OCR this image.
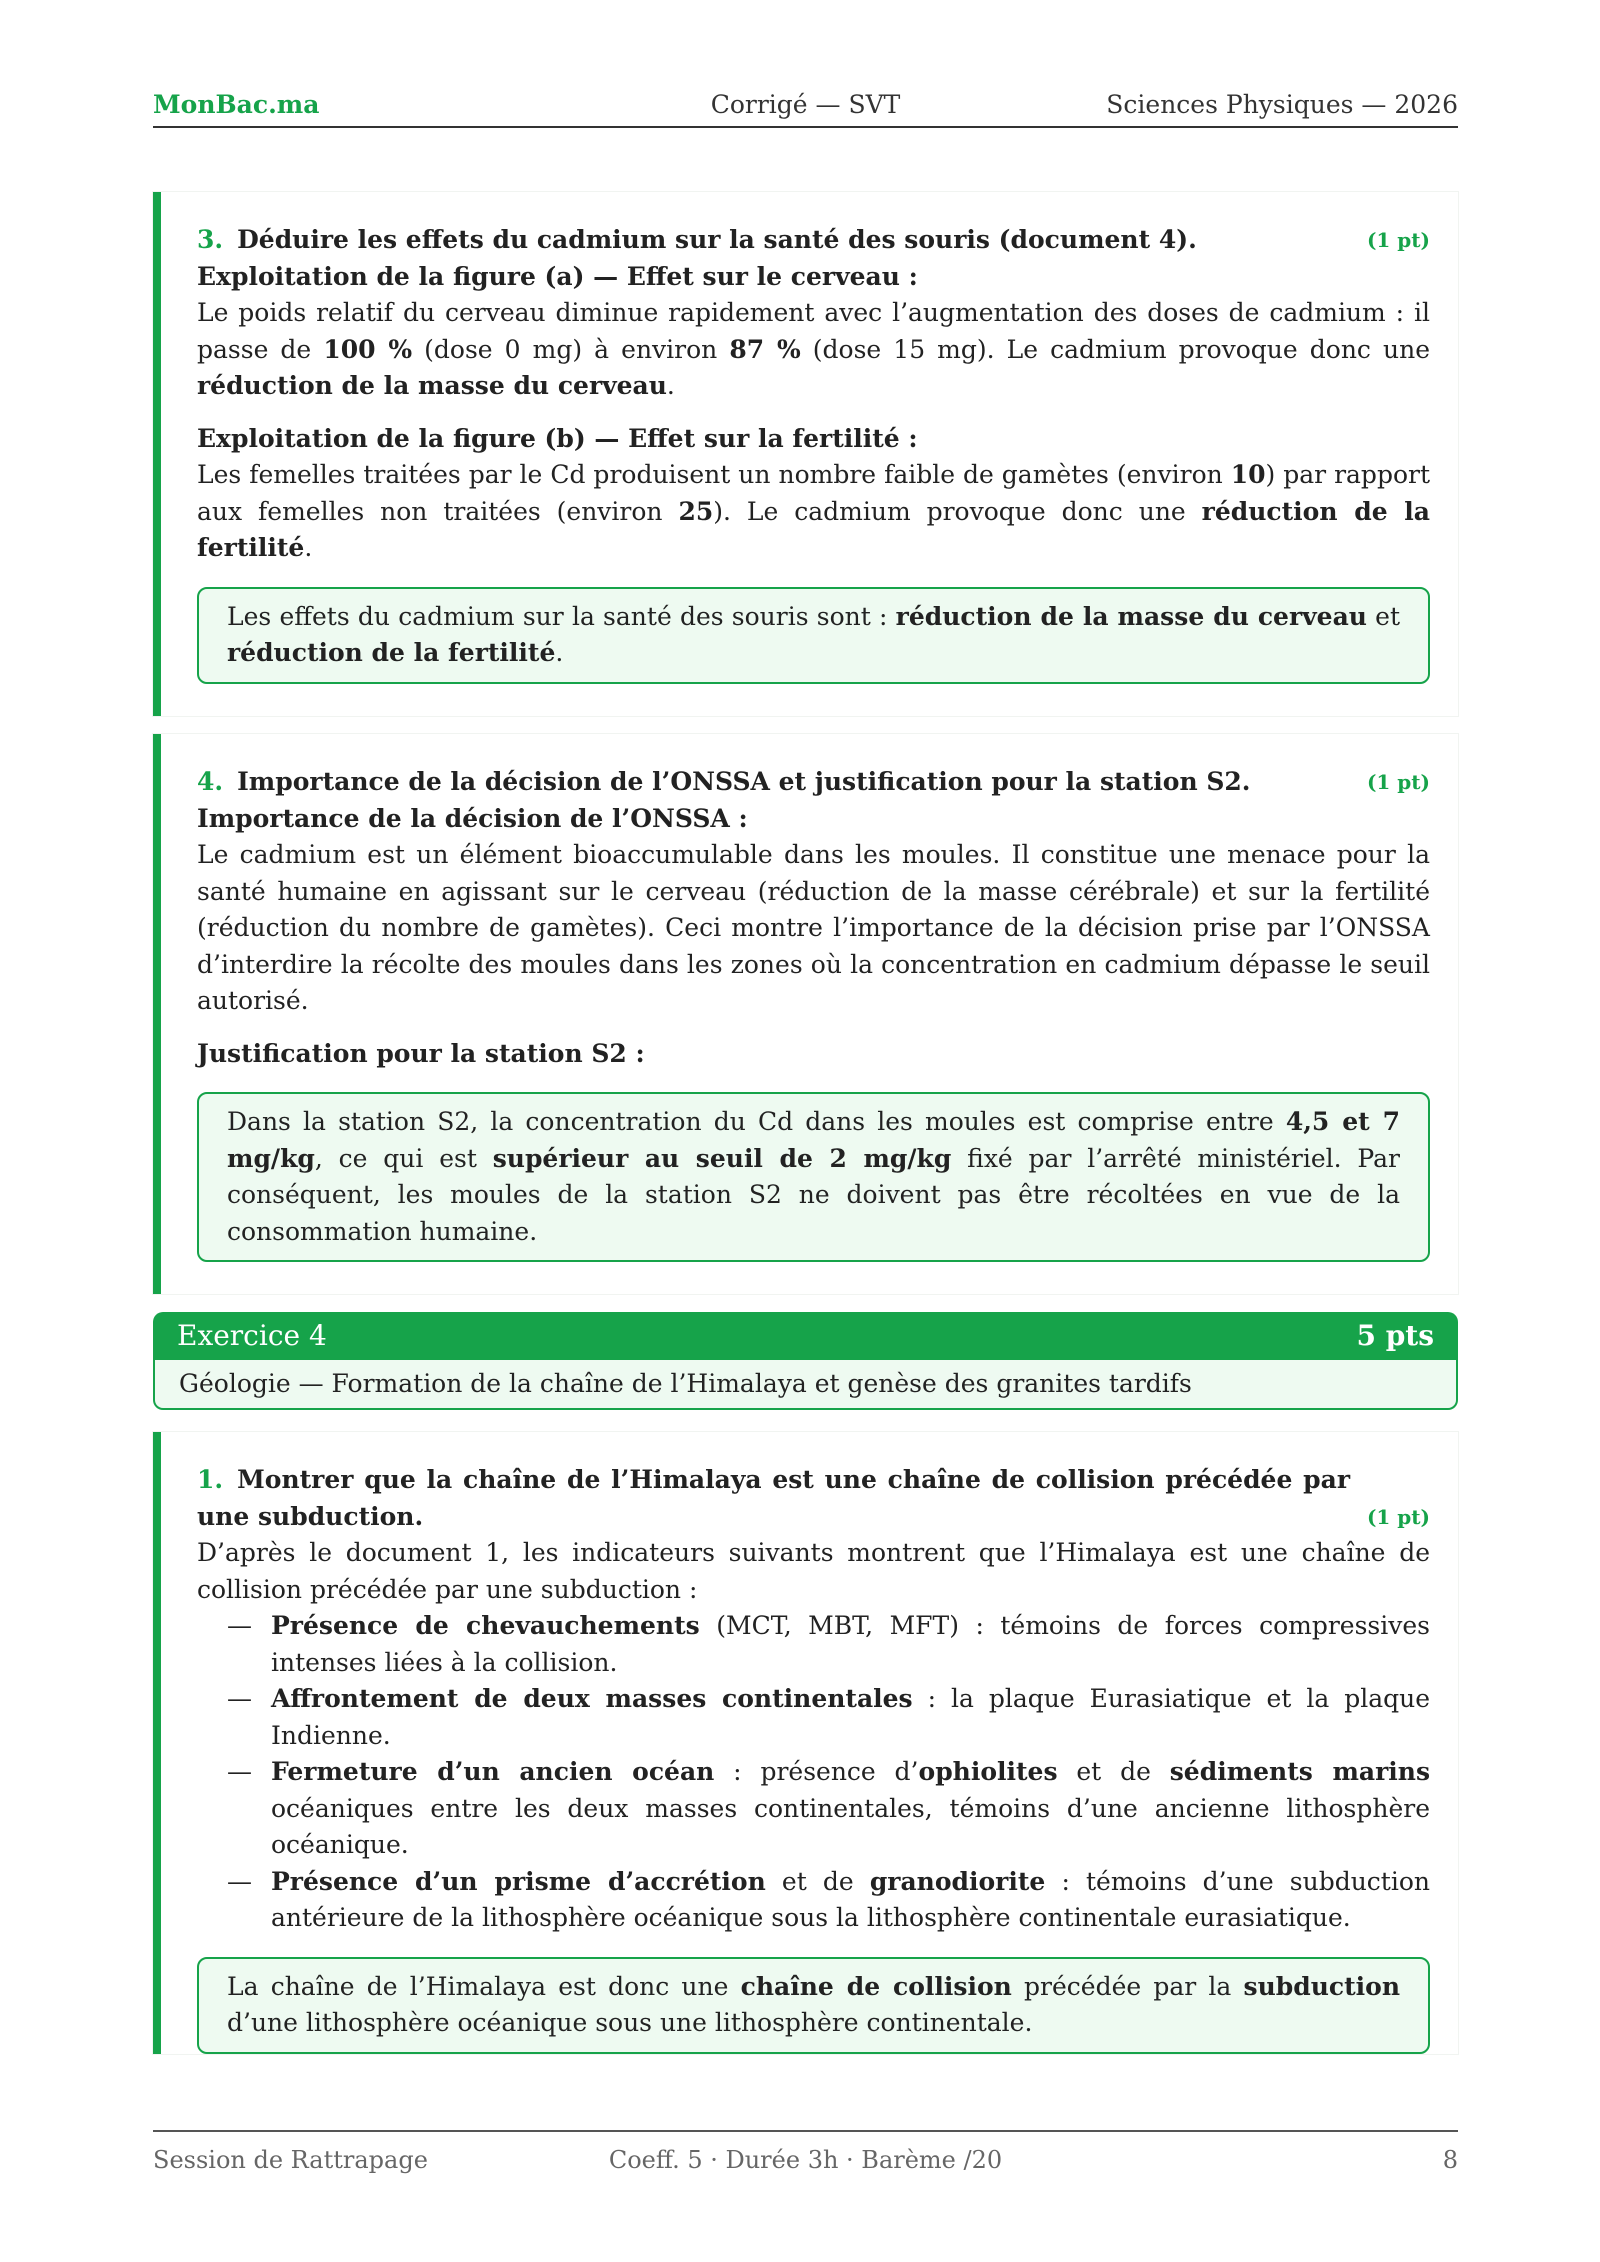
Corrigé — SVT
MonBac.ma	Sciences Physiques — 2026
3. Déduire les effets du cadmium sur la santé des souris (document 4).	(1 pt)
Exploitation de la figure (a) — Effet sur le cerveau :

Le poids relatif du cerveau diminue rapidement avec l’augmentation des doses de cadmium : il passe de 100 % (dose 0 mg) à environ 87 % (dose 15 mg). Le cadmium provoque donc une réduction de la masse du cerveau.

Exploitation de la figure (b) — Effet sur la fertilité :

Les femelles traitées par le Cd produisent un nombre faible de gamètes (environ 10) par rapport aux femelles non traitées (environ 25). Le cadmium provoque donc une réduction de la fertilité.

Les effets du cadmium sur la santé des souris sont : réduction de la masse du cerveau et réduction de la fertilité.
4. Importance de la décision de l’ONSSA et justification pour la station S2.	(1 pt)
Importance de la décision de l’ONSSA :

Le cadmium est un élément bioaccumulable dans les moules. Il constitue une menace pour la santé humaine en agissant sur le cerveau (réduction de la masse cérébrale) et sur la fertilité (réduction du nombre de gamètes). Ceci montre l’importance de la décision prise par l’ONSSA d’interdire la récolte des moules dans les zones où la concentration en cadmium dépasse le seuil autorisé.

Justification pour la station S2 :
Dans la station S2, la concentration du Cd dans les moules est comprise entre 4,5 et 7 mg/kg, ce qui est supérieur au seuil de 2 mg/kg fixé par l’arrêté ministériel. Par conséquent, les moules de la station S2 ne doivent pas être récoltées en vue de la consommation humaine.
Exercice 4	5 pts
Géologie — Formation de la chaîne de l’Himalaya et genèse des granites tardifs
1. Montrer que la chaîne de l’Himalaya est une chaîne de collision précédée par une subduction.	(1 pt)

D’après le document 1, les indicateurs suivants montrent que l’Himalaya est une chaîne de collision précédée par une subduction :

— Présence de chevauchements (MCT, MBT, MFT) : témoins de forces compressives intenses liées à la collision.
— Affrontement de deux masses continentales : la plaque Eurasiatique et la plaque Indienne.
— Fermeture d’un ancien océan : présence d’ophiolites et de sédiments marins océaniques entre les deux masses continentales, témoins d’une ancienne lithosphère océanique.
— Présence d’un prisme d’accrétion et de granodiorite : témoins d’une subduction antérieure de la lithosphère océanique sous la lithosphère continentale eurasiatique.
La chaîne de l’Himalaya est donc une chaîne de collision précédée par la subduction d’une lithosphère océanique sous une lithosphère continentale.
Coeff. 5 · Durée 3h · Barème /20
Session de Rattrapage	8
